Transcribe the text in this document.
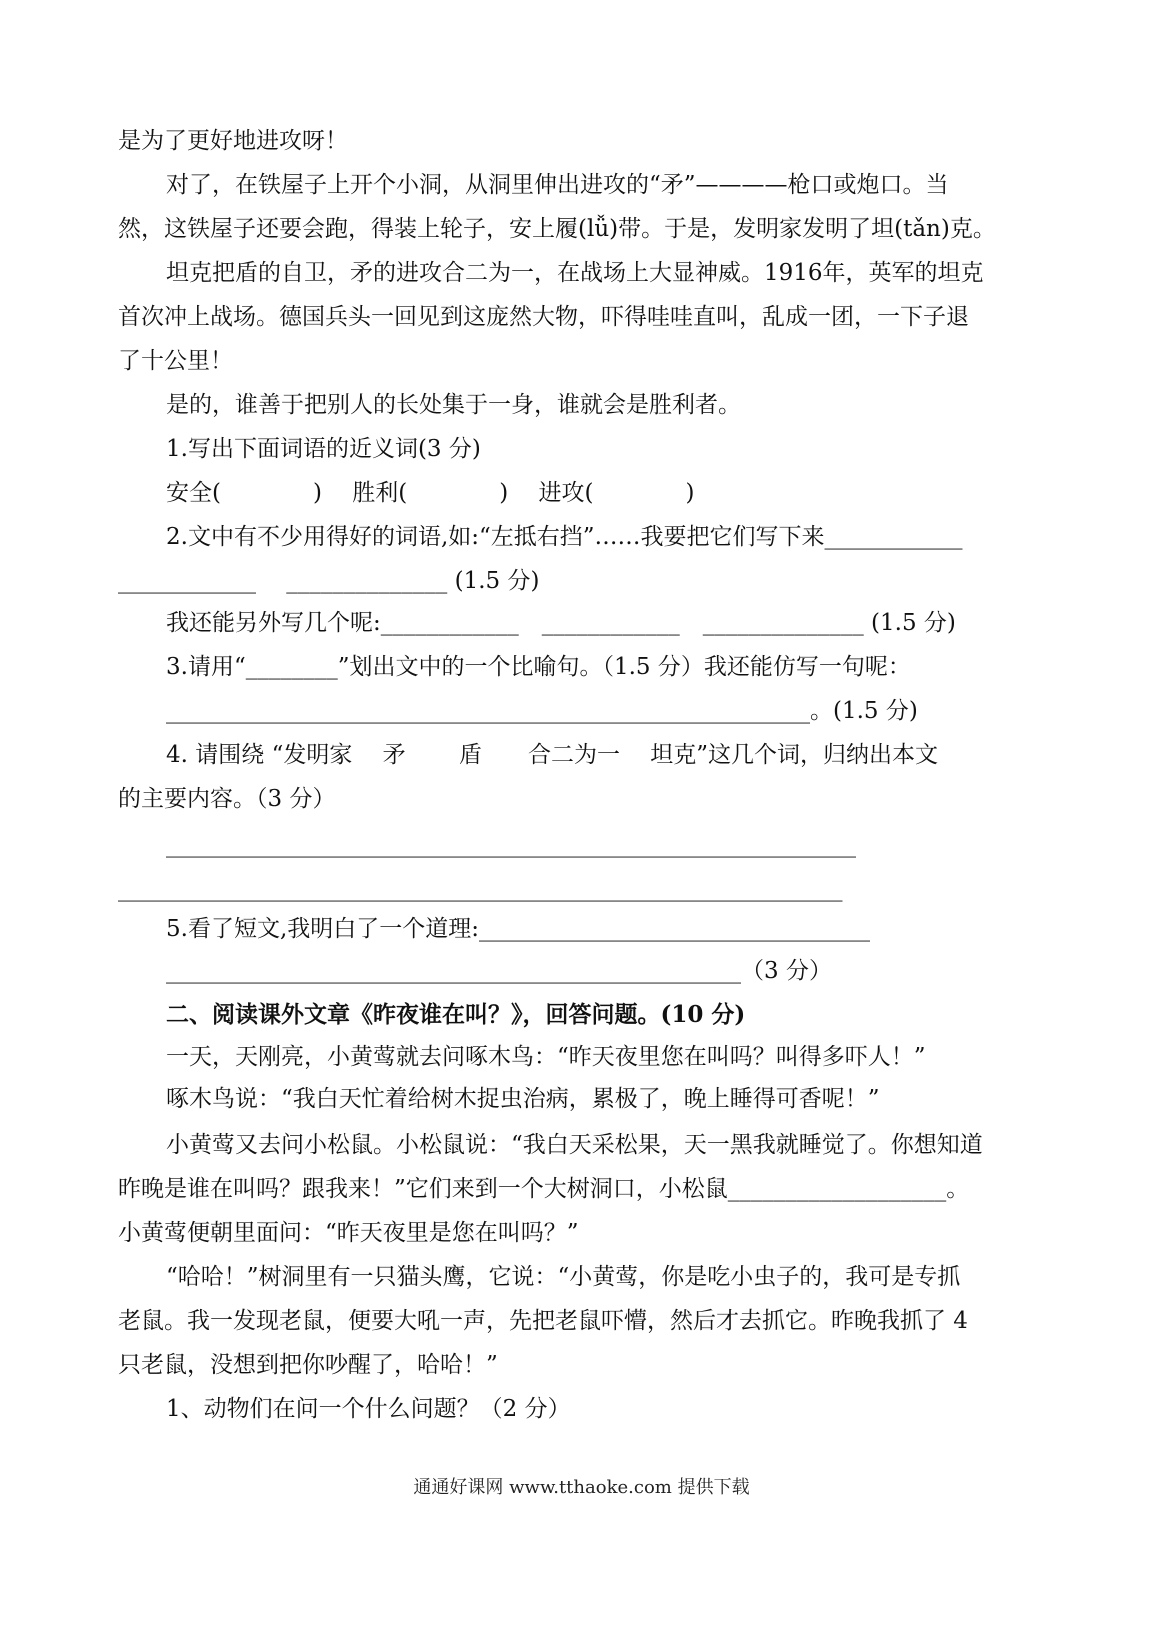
是为了更好地进攻呀！
对了，在铁屋子上开个小洞，从洞里伸出进攻的“矛”————枪口或炮口。当
然，这铁屋子还要会跑，得装上轮子，安上履(lǚ)带。于是，发明家发明了坦(tǎn)克。
坦克把盾的自卫，矛的进攻合二为一，在战场上大显神威。1916年，英军的坦克
首次冲上战场。德国兵头一回见到这庞然大物，吓得哇哇直叫，乱成一团，一下子退
了十公里！
是的，谁善于把别人的长处集于一身，谁就会是胜利者。
1.写出下面词语的近义词(3 分)
安全(　　　　)　 胜利(　　　　)　 进攻(　　　　)
2.文中有不少用得好的词语,如:“左抵右挡”……我要把它们写下来____________
____________　 ______________ (1.5 分)
我还能另外写几个呢:____________　____________　______________ (1.5 分)
3.请用“________”划出文中的一个比喻句。（1.5 分）我还能仿写一句呢：
________________________________________________________。(1.5 分)
4. 请围绕 “发明家　 矛　　 盾　　合二为一　 坦克”这几个词，归纳出本文
的主要内容。（3 分）
____________________________________________________________
_______________________________________________________________
5.看了短文,我明白了一个道理:__________________________________
__________________________________________________（3 分）
二、阅读课外文章《昨夜谁在叫？》，回答问题。(10 分)
一天，天刚亮，小黄莺就去问啄木鸟：“昨天夜里您在叫吗？叫得多吓人！”
啄木鸟说：“我白天忙着给树木捉虫治病，累极了，晚上睡得可香呢！”
小黄莺又去问小松鼠。小松鼠说：“我白天采松果，天一黑我就睡觉了。你想知道
昨晚是谁在叫吗？跟我来！”它们来到一个大树洞口，小松鼠___________________。
小黄莺便朝里面问：“昨天夜里是您在叫吗？”
“哈哈！”树洞里有一只猫头鹰，它说：“小黄莺，你是吃小虫子的，我可是专抓
老鼠。我一发现老鼠，便要大吼一声，先把老鼠吓懵，然后才去抓它。昨晚我抓了 4
只老鼠，没想到把你吵醒了，哈哈！”
1、动物们在问一个什么问题？（2 分）
通通好课网 www.tthaoke.com 提供下载
